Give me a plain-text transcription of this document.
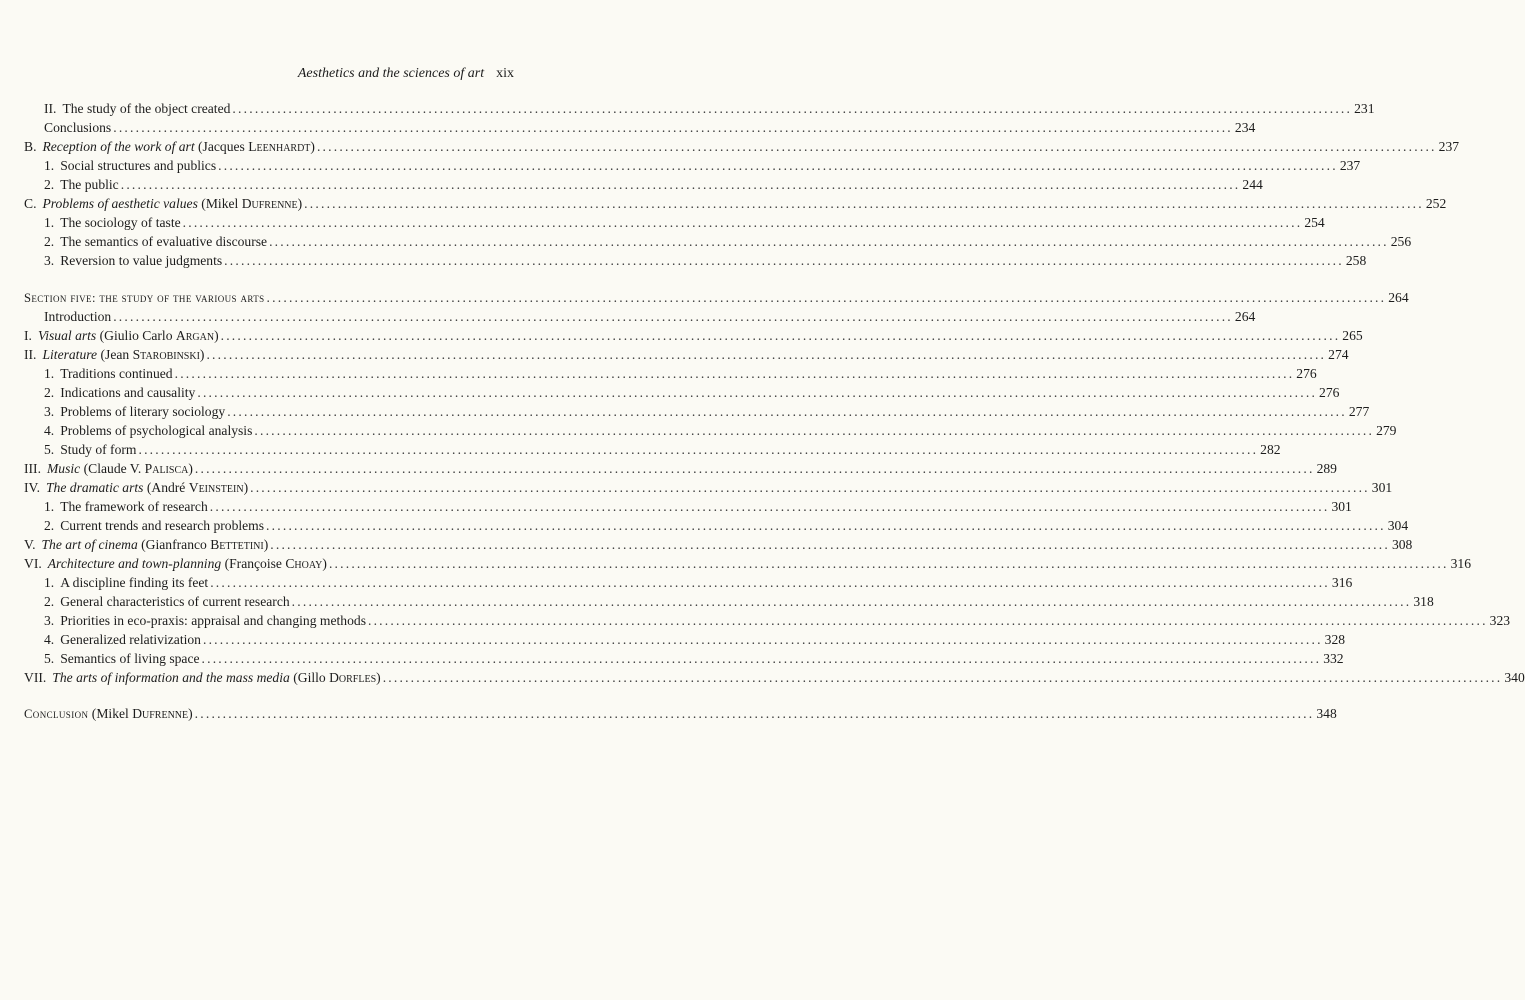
Aesthetics and the sciences of art xix
II. The study of the object created ........................................................................................................................................................................................................ 231
Conclusions ........................................................................................................................................................................................................ 234
B. Reception of the work of art (Jacques Leenhardt) ........................................................................................................................................................................................................ 237
1. Social structures and publics ........................................................................................................................................................................................................ 237
2. The public ........................................................................................................................................................................................................ 244
C. Problems of aesthetic values (Mikel Dufrenne) ........................................................................................................................................................................................................ 252
1. The sociology of taste ........................................................................................................................................................................................................ 254
2. The semantics of evaluative discourse ........................................................................................................................................................................................................ 256
3. Reversion to value judgments ........................................................................................................................................................................................................ 258
Section five: the study of the various arts ........................................................................................................................................................................................................ 264
Introduction ........................................................................................................................................................................................................ 264
I. Visual arts (Giulio Carlo Argan) ........................................................................................................................................................................................................ 265
II. Literature (Jean Starobinski) ........................................................................................................................................................................................................ 274
1. Traditions continued ........................................................................................................................................................................................................ 276
2. Indications and causality ........................................................................................................................................................................................................ 276
3. Problems of literary sociology ........................................................................................................................................................................................................ 277
4. Problems of psychological analysis ........................................................................................................................................................................................................ 279
5. Study of form ........................................................................................................................................................................................................ 282
III. Music (Claude V. Palisca) ........................................................................................................................................................................................................ 289
IV. The dramatic arts (André Veinstein) ........................................................................................................................................................................................................ 301
1. The framework of research ........................................................................................................................................................................................................ 301
2. Current trends and research problems ........................................................................................................................................................................................................ 304
V. The art of cinema (Gianfranco Bettetini) ........................................................................................................................................................................................................ 308
VI. Architecture and town-planning (Françoise Choay) ........................................................................................................................................................................................................ 316
1. A discipline finding its feet ........................................................................................................................................................................................................ 316
2. General characteristics of current research ........................................................................................................................................................................................................ 318
3. Priorities in eco-praxis: appraisal and changing methods ........................................................................................................................................................................................................ 323
4. Generalized relativization ........................................................................................................................................................................................................ 328
5. Semantics of living space ........................................................................................................................................................................................................ 332
VII. The arts of information and the mass media (Gillo Dorfles) ........................................................................................................................................................................................................ 340
Conclusion (Mikel Dufrenne) ........................................................................................................................................................................................................ 348
